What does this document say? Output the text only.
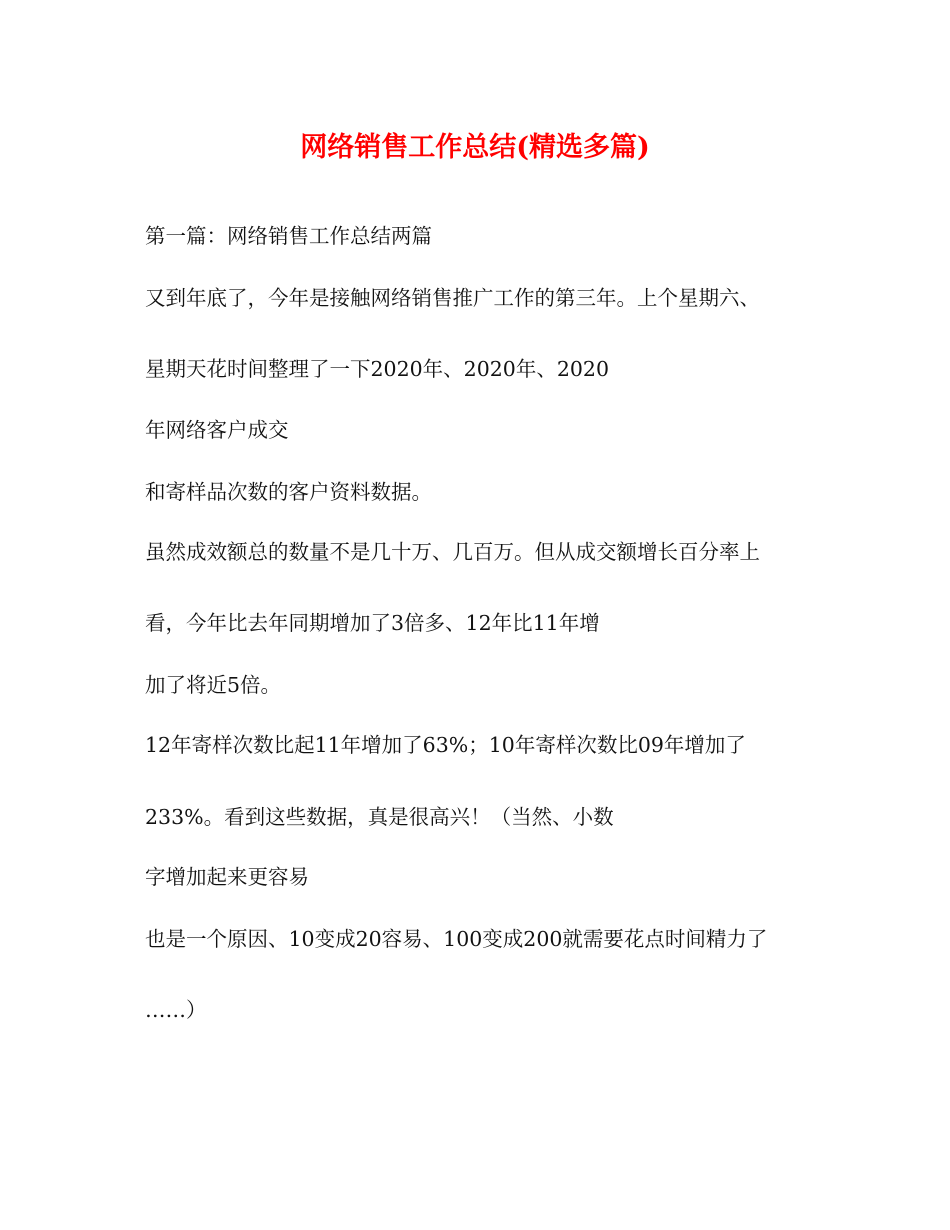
网络销售工作总结(精选多篇)

第一篇：网络销售工作总结两篇

又到年底了，今年是接触网络销售推广工作的第三年。上个星期六、

星期天花时间整理了一下2020年、2020年、2020

年网络客户成交

和寄样品次数的客户资料数据。

虽然成效额总的数量不是几十万、几百万。但从成交额增长百分率上

看，今年比去年同期增加了3倍多、12年比11年增

加了将近5倍。

12年寄样次数比起11年增加了63%；10年寄样次数比09年增加了

233%。看到这些数据，真是很高兴！（当然、小数

字增加起来更容易

也是一个原因、10变成20容易、100变成200就需要花点时间精力了

……）
